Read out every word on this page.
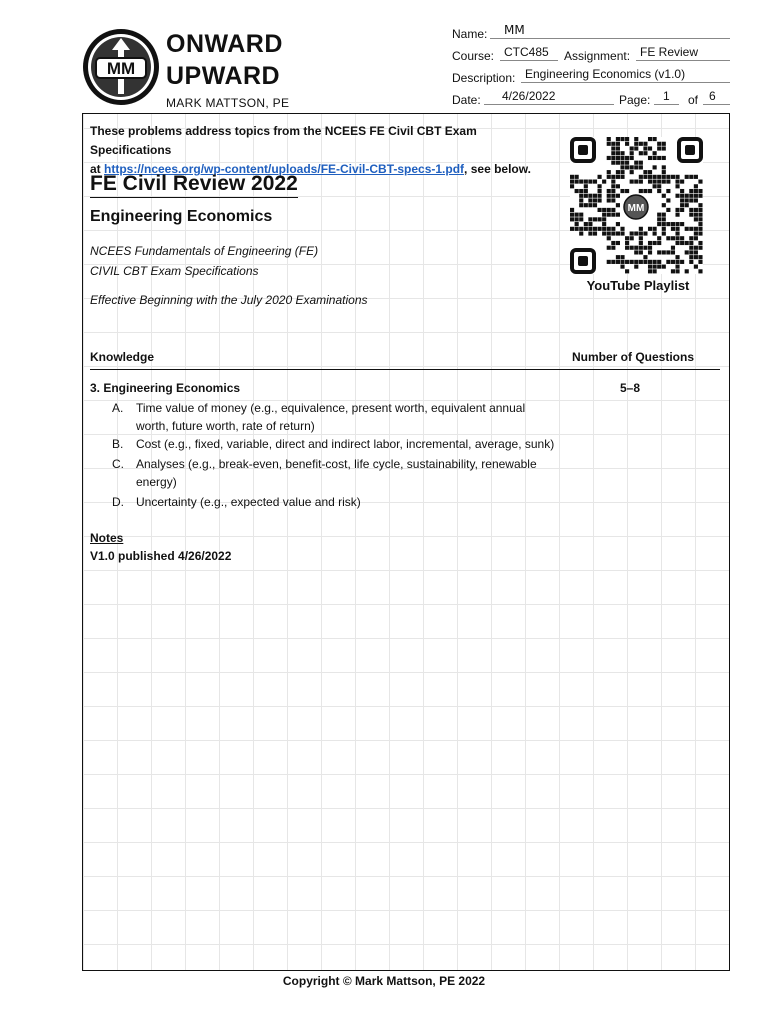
MM
ONWARD
UPWARD
MARK MATTSON, PE
Name: MM
Course: CTC485 Assignment: FE Review
Description: Engineering Economics (v1.0)
Date: 4/26/2022	Page: 1 of 6
These problems address topics from the NCEES FE Civil CBT Exam Specifications
at https://ncees.org/wp-content/uploads/FE-Civil-CBT-specs-1.pdf, see below.
FE Civil Review 2022
Engineering Economics
NCEES Fundamentals of Engineering (FE)
CIVIL CBT Exam Specifications
Effective Beginning with the July 2020 Examinations
MM
YouTube Playlist
Knowledge	Number of Questions
3. Engineering Economics	5–8
A.	Time value of money (e.g., equivalence, present worth, equivalent annual
worth, future worth, rate of return)
B.	Cost (e.g., fixed, variable, direct and indirect labor, incremental, average, sunk)
C.	Analyses (e.g., break-even, benefit-cost, life cycle, sustainability, renewable
energy)
D.	Uncertainty (e.g., expected value and risk)
Notes
V1.0 published 4/26/2022
Copyright © Mark Mattson, PE 2022
